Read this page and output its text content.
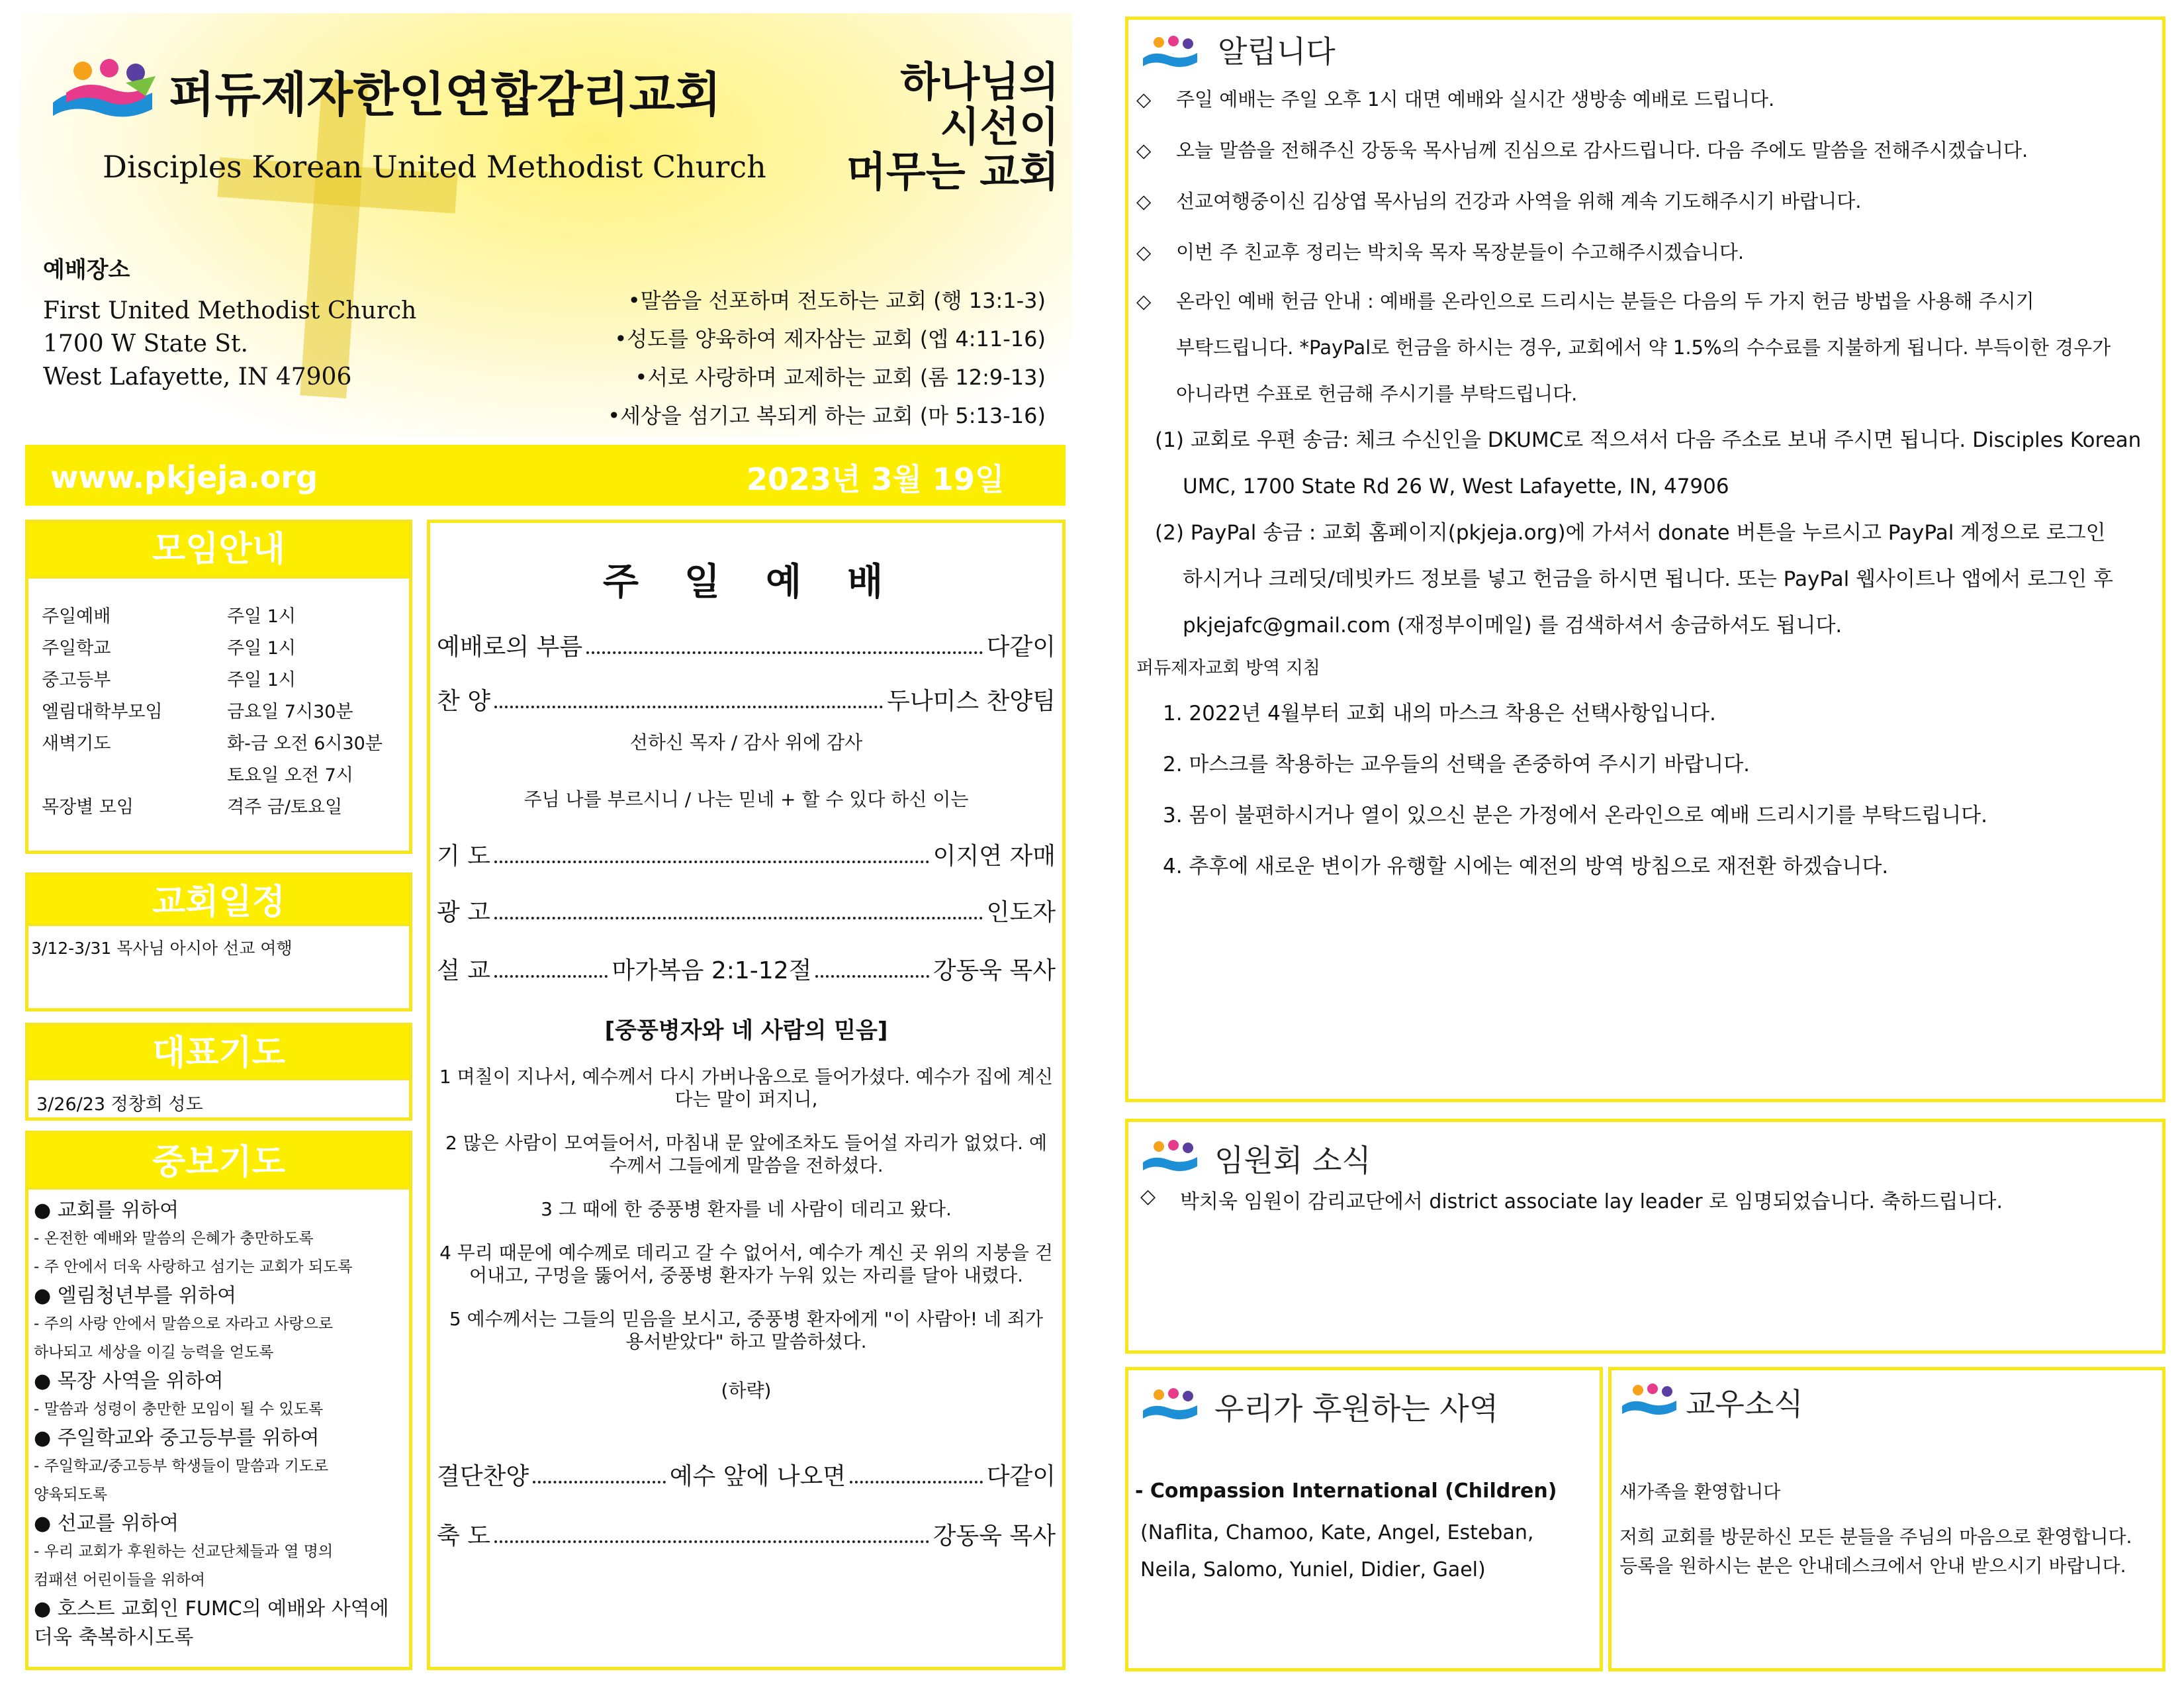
퍼듀제자한인연합감리교회
Disciples Korean United Methodist Church
하나님의
시선이
머무는 교회
예배장소
First United Methodist Church
1700 W State St.
West Lafayette, IN 47906
•말씀을 선포하며 전도하는 교회 (행 13:1-3)
•성도를 양육하여 제자삼는 교회 (엡 4:11-16)
•서로 사랑하며 교제하는 교회 (롬 12:9-13)
•세상을 섬기고 복되게 하는 교회 (마 5:13-16)
www.pkjeja.org	2023년 3월 19일
모임안내
주일예배	주일 1시
주일학교	주일 1시
중고등부	주일 1시
엘림대학부모임	금요일 7시30분
새벽기도	화-금 오전 6시30분
토요일 오전 7시
목장별 모임	격주 금/토요일
교회일정
3/12-3/31 목사님 아시아 선교 여행
대표기도
3/26/23 정창희 성도
중보기도
● 교회를 위하여
- 온전한 예배와 말씀의 은혜가 충만하도록
- 주 안에서 더욱 사랑하고 섬기는 교회가 되도록
● 엘림청년부를 위하여
- 주의 사랑 안에서 말씀으로 자라고 사랑으로
하나되고 세상을 이길 능력을 얻도록
● 목장 사역을 위하여
- 말씀과 성령이 충만한 모임이 될 수 있도록
● 주일학교와 중고등부를 위하여
- 주일학교/중고등부 학생들이 말씀과 기도로
양육되도록
● 선교를 위하여
- 우리 교회가 후원하는 선교단체들과 열 명의
컴패션 어린이들을 위하여
● 호스트 교회인 FUMC의 예배와 사역에
더욱 축복하시도록
주  일  예  배
예배로의 부름	다같이
찬 양	두나미스 찬양팀
선하신 목자 / 감사 위에 감사
주님 나를 부르시니 / 나는 믿네 + 할 수 있다 하신 이는
기 도	이지연 자매
광 고	인도자
설 교	마가복음 2:1-12절	강동욱 목사
[중풍병자와 네 사람의 믿음]
1 며칠이 지나서, 예수께서 다시 가버나움으로 들어가셨다. 예수가 집에 계신다는 말이 퍼지니,
2 많은 사람이 모여들어서, 마침내 문 앞에조차도 들어설 자리가 없었다. 예수께서 그들에게 말씀을 전하셨다.
3 그 때에 한 중풍병 환자를 네 사람이 데리고 왔다.
4 무리 때문에 예수께로 데리고 갈 수 없어서, 예수가 계신 곳 위의 지붕을 걷어내고, 구멍을 뚫어서, 중풍병 환자가 누워 있는 자리를 달아 내렸다.
5 예수께서는 그들의 믿음을 보시고, 중풍병 환자에게 "이 사람아! 네 죄가 용서받았다" 하고 말씀하셨다.
(하략)
결단찬양	예수 앞에 나오면	다같이
축 도	강동욱 목사
알립니다
◇	주일 예배는 주일 오후 1시 대면 예배와 실시간 생방송 예배로 드립니다.
◇	오늘 말씀을 전해주신 강동욱 목사님께 진심으로 감사드립니다. 다음 주에도 말씀을 전해주시겠습니다.
◇	선교여행중이신 김상엽 목사님의 건강과 사역을 위해 계속 기도해주시기 바랍니다.
◇	이번 주 친교후 정리는 박치욱 목자 목장분들이 수고해주시겠습니다.
◇	온라인 예배 헌금 안내 : 예배를 온라인으로 드리시는 분들은 다음의 두 가지 헌금 방법을 사용해 주시기
부탁드립니다. *PayPal로 헌금을 하시는 경우, 교회에서 약 1.5%의 수수료를 지불하게 됩니다. 부득이한 경우가
아니라면 수표로 헌금해 주시기를 부탁드립니다.
(1) 교회로 우편 송금: 체크 수신인을 DKUMC로 적으셔서 다음 주소로 보내 주시면 됩니다. Disciples Korean
UMC, 1700 State Rd 26 W, West Lafayette, IN, 47906
(2) PayPal 송금 : 교회 홈페이지(pkjeja.org)에 가셔서 donate 버튼을 누르시고 PayPal 계정으로 로그인
하시거나 크레딧/데빗카드 정보를 넣고 헌금을 하시면 됩니다. 또는 PayPal 웹사이트나 앱에서 로그인 후
pkjejafc@gmail.com (재정부이메일) 를 검색하셔서 송금하셔도 됩니다.
퍼듀제자교회 방역 지침
1. 2022년 4월부터 교회 내의 마스크 착용은 선택사항입니다.
2. 마스크를 착용하는 교우들의 선택을 존중하여 주시기 바랍니다.
3. 몸이 불편하시거나 열이 있으신 분은 가정에서 온라인으로 예배 드리시기를 부탁드립니다.
4. 추후에 새로운 변이가 유행할 시에는 예전의 방역 방침으로 재전환 하겠습니다.
임원회 소식
◇	박치욱 임원이 감리교단에서 district associate lay leader 로 임명되었습니다. 축하드립니다.
우리가 후원하는 사역
- Compassion International (Children)
(Naflita, Chamoo, Kate, Angel, Esteban,
Neila, Salomo, Yuniel, Didier, Gael)
교우소식
새가족을 환영합니다
저희 교회를 방문하신 모든 분들을 주님의 마음으로 환영합니다.
등록을 원하시는 분은 안내데스크에서 안내 받으시기 바랍니다.
